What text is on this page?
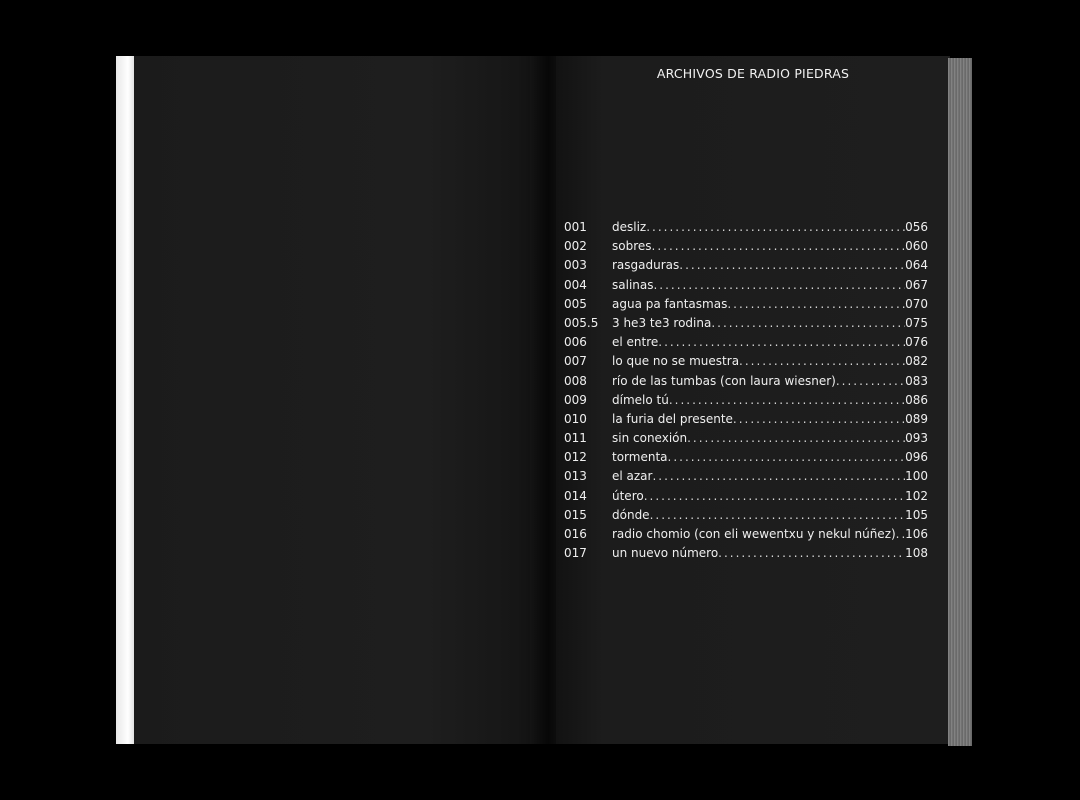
ARCHIVOS DE RADIO PIEDRAS
001	desliz .....	056
002	sobres .....	060
003	rasgaduras .....	064
004	salinas .....	067
005	agua pa fantasmas .....	070
005.5	3 he3 te3 rodina .....	075
006	el entre .....	076
007	lo que no se muestra .....	082
008	río de las tumbas (con laura wiesner) .....	083
009	dímelo tú .....	086
010	la furia del presente .....	089
011	sin conexión .....	093
012	tormenta .....	096
013	el azar .....	100
014	útero .....	102
015	dónde .....	105
016	radio chomio (con eli wewentxu y nekul núñez) ..... 106
017	un nuevo número .....	108
